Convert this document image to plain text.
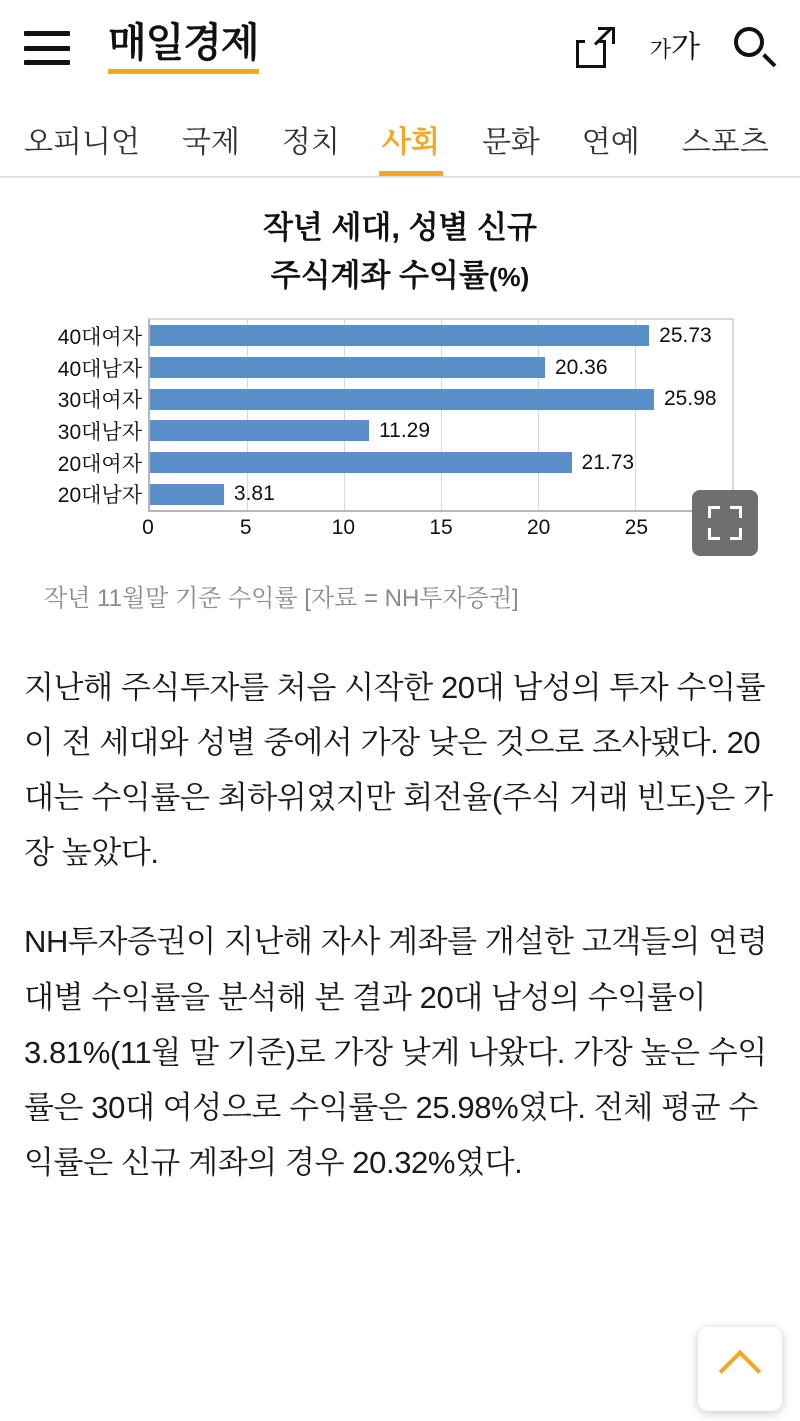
매일경제	가가
오피니언	국제	정치	사회	문화	연예	스포츠
작년 세대, 성별 신규
주식계좌 수익률(%)
40대여자	25.73
40대남자	20.36
30대여자	25.98
30대남자	11.29
20대여자	21.73
20대남자	3.81
0	5	10	15	20	25
작년 11월말 기준 수익률 [자료 = NH투자증권]

지난해 주식투자를 처음 시작한 20대 남성의 투자 수익률이 전 세대와 성별 중에서 가장 낮은 것으로 조사됐다. 20대는 수익률은 최하위였지만 회전율(주식 거래 빈도)은 가장 높았다.

NH투자증권이 지난해 자사 계좌를 개설한 고객들의 연령대별 수익률을 분석해 본 결과 20대 남성의 수익률이 3.81%(11월 말 기준)로 가장 낮게 나왔다. 가장 높은 수익률은 30대 여성으로 수익률은 25.98%였다. 전체 평균 수익률은 신규 계좌의 경우 20.32%였다.
